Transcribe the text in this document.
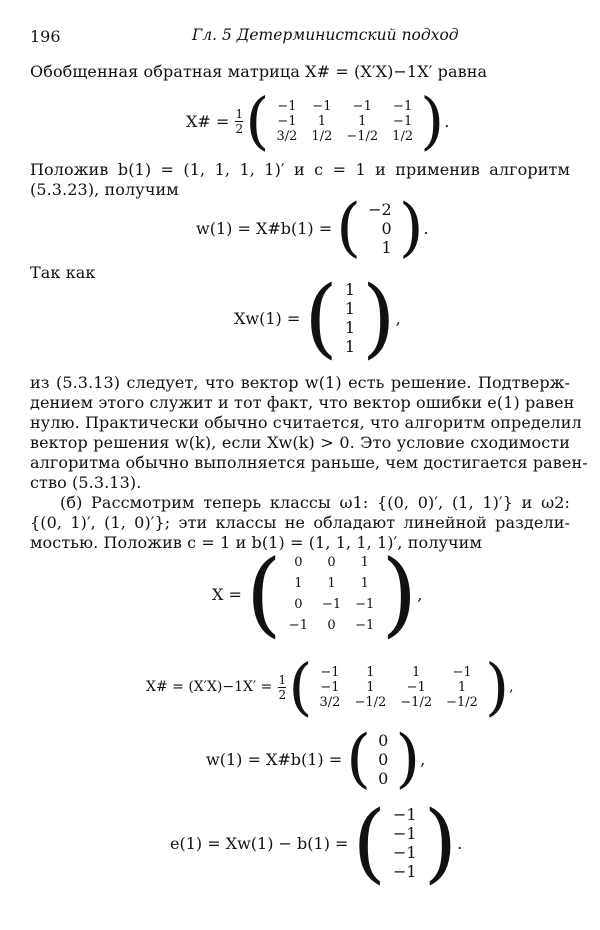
196	Гл. 5 Детерминистский подход
Обобщенная обратная матрица X# = (X′X)−1X′ равна
X# = $\frac{1}{2}$ ( −1	−1	−1	−1
−1	1	1	−1
3/2	1/2	−1/2	1/2 ) .
Положив b(1) = (1, 1, 1, 1)′ и c = 1 и применив алгоритм
(5.3.23), получим
w(1) = X#b(1) = ( −2
0
1 ) .
Так как
Xw(1) = ( 1
1
1
1 ) ,
из (5.3.13) следует, что вектор w(1) есть решение. Подтверж-
дением этого служит и тот факт, что вектор ошибки e(1) равен
нулю. Практически обычно считается, что алгоритм определил
вектор решения w(k), если Xw(k) > 0. Это условие сходимости
алгоритма обычно выполняется раньше, чем достигается равен-
ство (5.3.13).
(б) Рассмотрим теперь классы ω1: {(0, 0)′, (1, 1)′} и ω2:
{(0, 1)′, (1, 0)′}; эти классы не обладают линейной раздели-
мостью. Положив c = 1 и b(1) = (1, 1, 1, 1)′, получим
X = ( 0	0	1
1	1	1
0	−1	−1
−1	0	−1 ) ,
X# = $(X'X)-1X' = \frac{1}{2}$ ( −1	1	1	−1
−1	1	−1	1
3/2	−1/2	−1/2	−1/2 ) ,
w(1) = X#b(1) = ( 0
0
0 ) ,
e(1) = Xw(1) − b(1) = ( −1
−1
−1
−1 ) .
